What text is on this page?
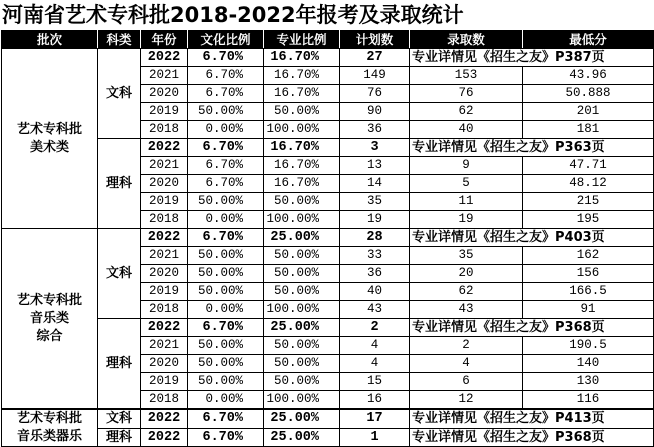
河南省艺术专科批2018-2022年报考及录取统计
批次	科类	年份	文化比例	专业比例	计划数	录取数	最低分
艺术专科批
美术类	文科	2022	6.70%	16.70%	27	专业详情见《招生之友》P387页	
		2021	6.70%	16.70%	149	153	43.96
		2020	6.70%	16.70%	76	76	50.888
		2019	50.00%	50.00%	90	62	201
		2018	0.00%	100.00%	36	40	181
	理科	2022	6.70%	16.70%	3	专业详情见《招生之友》P363页	
		2021	6.70%	16.70%	13	9	47.71
		2020	6.70%	16.70%	14	5	48.12
		2019	50.00%	50.00%	35	11	215
		2018	0.00%	100.00%	19	19	195
艺术专科批
音乐类
综合	文科	2022	6.70%	25.00%	28	专业详情见《招生之友》P403页	
		2021	50.00%	50.00%	33	35	162
		2020	50.00%	50.00%	36	20	156
		2019	50.00%	50.00%	40	62	166.5
		2018	0.00%	100.00%	43	43	91
	理科	2022	6.70%	25.00%	2	专业详情见《招生之友》P368页	
		2021	50.00%	50.00%	4	2	190.5
		2020	50.00%	50.00%	4	4	140
		2019	50.00%	50.00%	15	6	130
		2018	0.00%	100.00%	16	12	116
艺术专科批
音乐类器乐	文科	2022	6.70%	25.00%	17	专业详情见《招生之友》P413页	
	理科	2022	6.70%	25.00%	1	专业详情见《招生之友》P368页	
